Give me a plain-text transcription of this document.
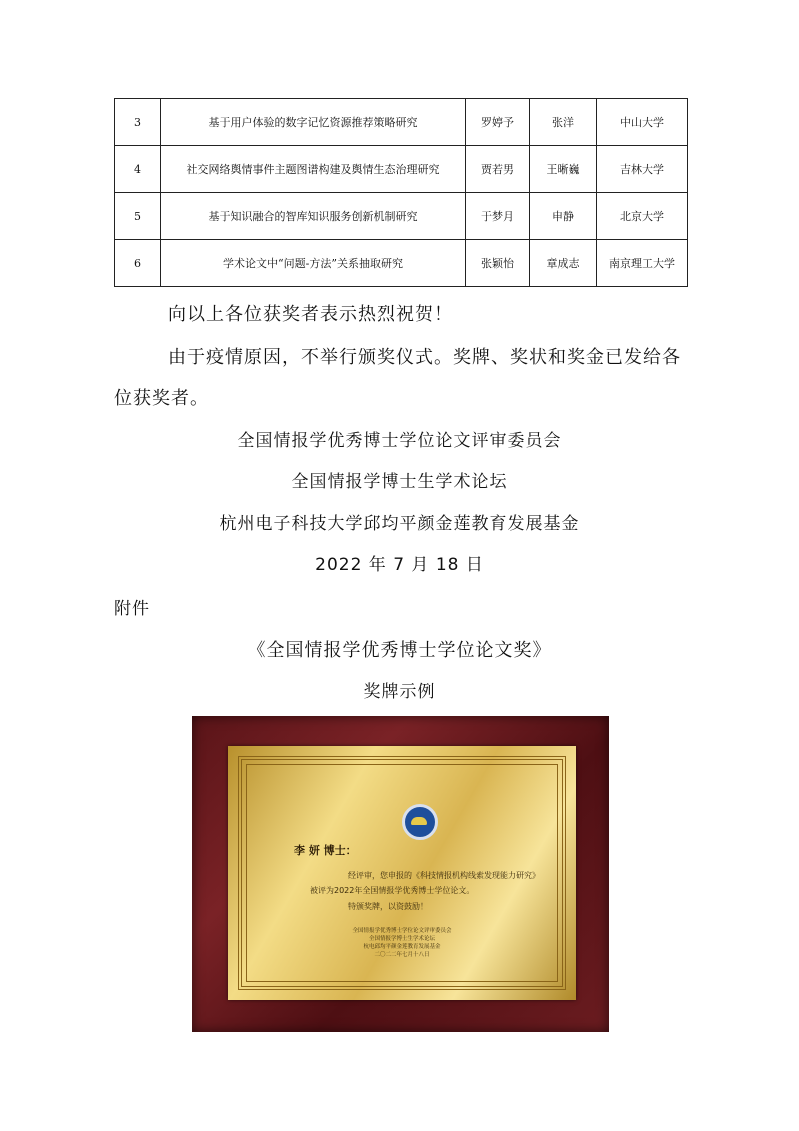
3	基于用户体验的数字记忆资源推荐策略研究	罗婷予	张洋	中山大学
4	社交网络舆情事件主题图谱构建及舆情生态治理研究	贾若男	王晰巍	吉林大学
5	基于知识融合的智库知识服务创新机制研究	于梦月	申静	北京大学
6	学术论文中“问题-方法”关系抽取研究	张颖怡	章成志	南京理工大学
向以上各位获奖者表示热烈祝贺！
由于疫情原因，不举行颁奖仪式。奖牌、奖状和奖金已发给各
位获奖者。
全国情报学优秀博士学位论文评审委员会
全国情报学博士生学术论坛
杭州电子科技大学邱均平颜金莲教育发展基金
2022 年 7 月 18 日
附件
《全国情报学优秀博士学位论文奖》
奖牌示例
李 妍 博士：
经评审，您申报的《科技情报机构线索发现能力研究》
被评为2022年全国情报学优秀博士学位论文。
特颁奖牌，以资鼓励！
全国情报学优秀博士学位论文评审委员会
全国情报学博士生学术论坛
杭电邱均平颜金莲教育发展基金
二〇二二年七月十八日
